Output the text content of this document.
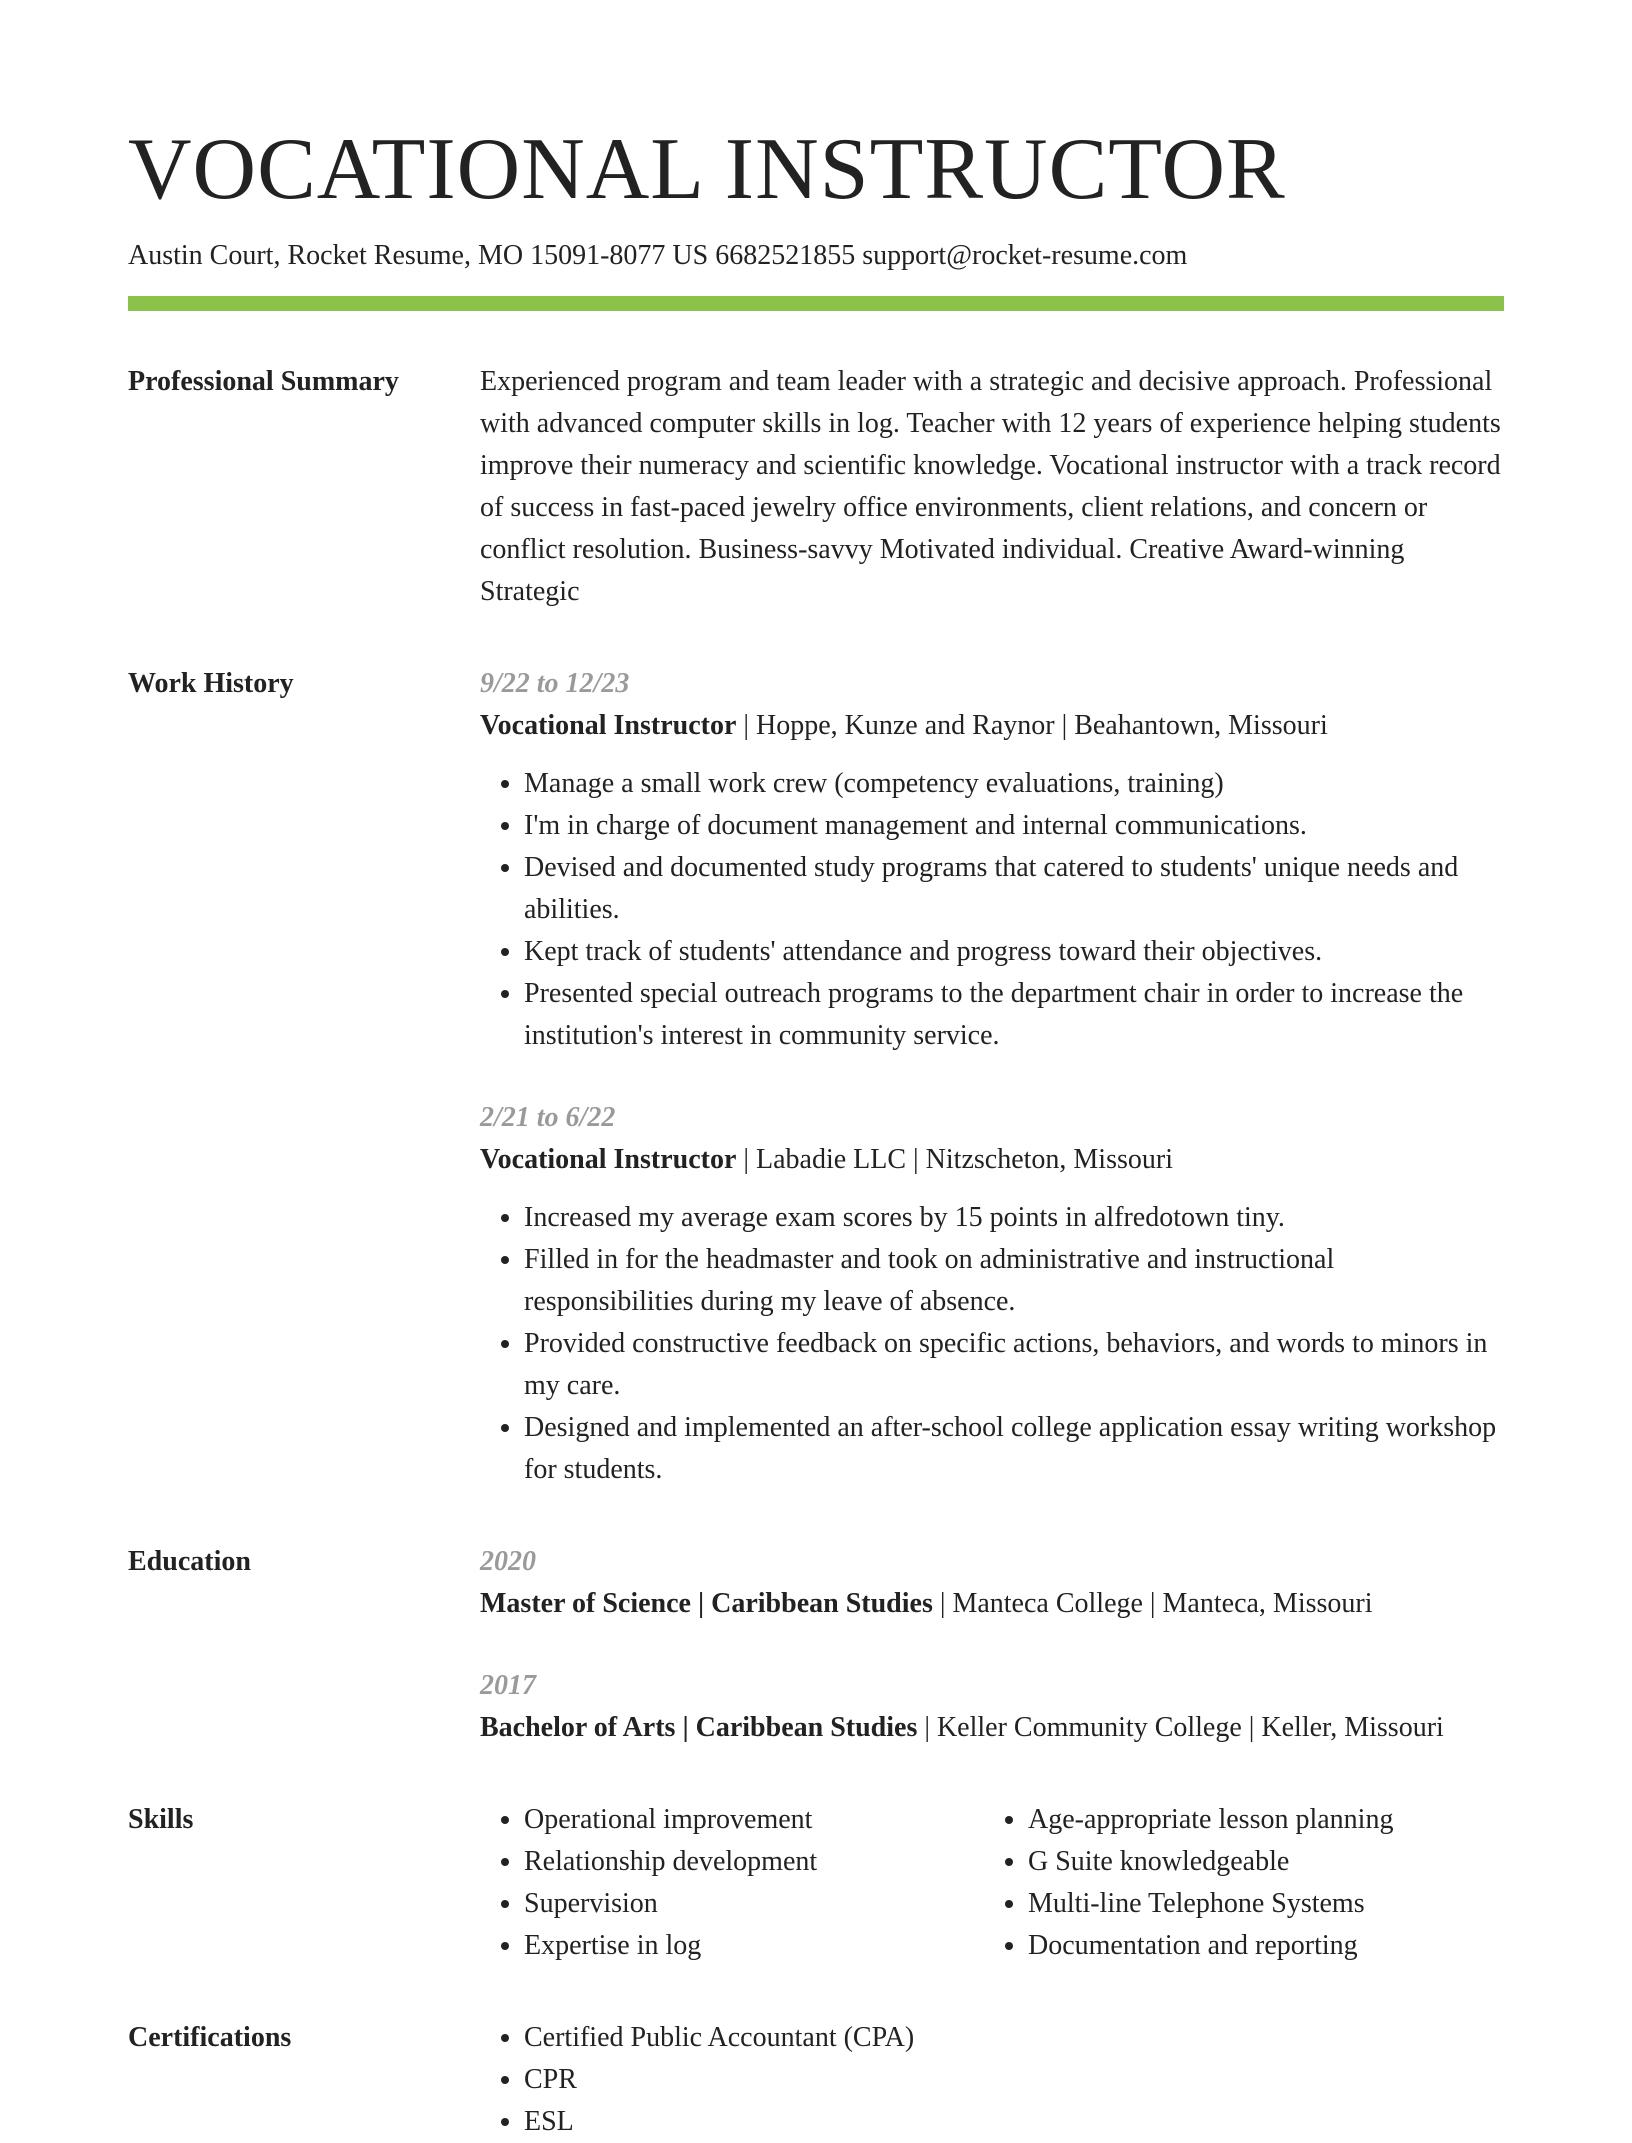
VOCATIONAL INSTRUCTOR
Austin Court, Rocket Resume, MO 15091-8077 US 6682521855 support@rocket-resume.com
Professional Summary	Experienced program and team leader with a strategic and decisive approach. Professional with advanced computer skills in log. Teacher with 12 years of experience helping students improve their numeracy and scientific knowledge. Vocational instructor with a track record of success in fast-paced jewelry office environments, client relations, and concern or conflict resolution. Business-savvy Motivated individual. Creative Award-winning Strategic
Work History	9/22 to 12/23
Vocational Instructor | Hoppe, Kunze and Raynor | Beahantown, Missouri
• Manage a small work crew (competency evaluations, training)
• I'm in charge of document management and internal communications.
• Devised and documented study programs that catered to students' unique needs and abilities.
• Kept track of students' attendance and progress toward their objectives.
• Presented special outreach programs to the department chair in order to increase the institution's interest in community service.
2/21 to 6/22
Vocational Instructor | Labadie LLC | Nitzscheton, Missouri
• Increased my average exam scores by 15 points in alfredotown tiny.
• Filled in for the headmaster and took on administrative and instructional responsibilities during my leave of absence.
• Provided constructive feedback on specific actions, behaviors, and words to minors in my care.
• Designed and implemented an after-school college application essay writing workshop for students.
Education	2020
Master of Science | Caribbean Studies | Manteca College | Manteca, Missouri
2017
Bachelor of Arts | Caribbean Studies | Keller Community College | Keller, Missouri
Skills	• Operational improvement
• Relationship development
• Supervision
• Expertise in log
• Age-appropriate lesson planning
• G Suite knowledgeable
• Multi-line Telephone Systems
• Documentation and reporting
Certifications	• Certified Public Accountant (CPA)
• CPR
• ESL
